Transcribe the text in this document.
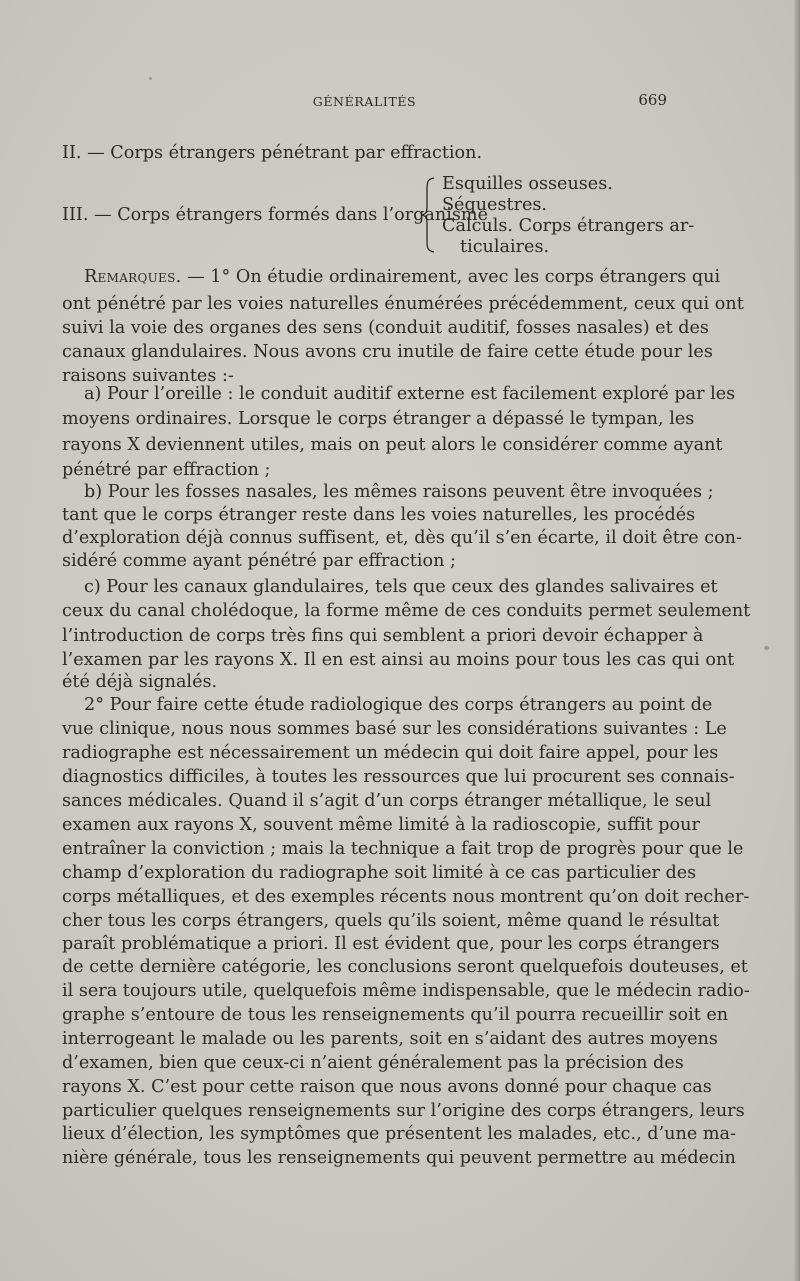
GÉNÉRALITÉS	669
II. — Corps étrangers pénétrant par effraction.
III. — Corps étrangers formés dans l’organisme
Esquilles osseuses.
Séquestres.
Calculs. Corps étrangers ar-
ticulaires.
Remarques. — 1° On étudie ordinairement, avec les corps étrangers qui
ont pénétré par les voies naturelles énumérées précédemment, ceux qui ont
suivi la voie des organes des sens (conduit auditif, fosses nasales) et des
canaux glandulaires. Nous avons cru inutile de faire cette étude pour les
raisons suivantes :-
a) Pour l’oreille : le conduit auditif externe est facilement exploré par les
moyens ordinaires. Lorsque le corps étranger a dépassé le tympan, les
rayons X deviennent utiles, mais on peut alors le considérer comme ayant
pénétré par effraction ;
b) Pour les fosses nasales, les mêmes raisons peuvent être invoquées ;
tant que le corps étranger reste dans les voies naturelles, les procédés
d’exploration déjà connus suffisent, et, dès qu’il s’en écarte, il doit être con-
sidéré comme ayant pénétré par effraction ;
c) Pour les canaux glandulaires, tels que ceux des glandes salivaires et
ceux du canal cholédoque, la forme même de ces conduits permet seulement
l’introduction de corps très fins qui semblent a priori devoir échapper à
l’examen par les rayons X. Il en est ainsi au moins pour tous les cas qui ont
été déjà signalés.
2° Pour faire cette étude radiologique des corps étrangers au point de
vue clinique, nous nous sommes basé sur les considérations suivantes : Le
radiographe est nécessairement un médecin qui doit faire appel, pour les
diagnostics difficiles, à toutes les ressources que lui procurent ses connais-
sances médicales. Quand il s’agit d’un corps étranger métallique, le seul
examen aux rayons X, souvent même limité à la radioscopie, suffit pour
entraîner la conviction ; mais la technique a fait trop de progrès pour que le
champ d’exploration du radiographe soit limité à ce cas particulier des
corps métalliques, et des exemples récents nous montrent qu’on doit recher-
cher tous les corps étrangers, quels qu’ils soient, même quand le résultat
paraît problématique a priori. Il est évident que, pour les corps étrangers
de cette dernière catégorie, les conclusions seront quelquefois douteuses, et
il sera toujours utile, quelquefois même indispensable, que le médecin radio-
graphe s’entoure de tous les renseignements qu’il pourra recueillir soit en
interrogeant le malade ou les parents, soit en s’aidant des autres moyens
d’examen, bien que ceux-ci n’aient généralement pas la précision des
rayons X. C’est pour cette raison que nous avons donné pour chaque cas
particulier quelques renseignements sur l’origine des corps étrangers, leurs
lieux d’élection, les symptômes que présentent les malades, etc., d’une ma-
nière générale, tous les renseignements qui peuvent permettre au médecin
